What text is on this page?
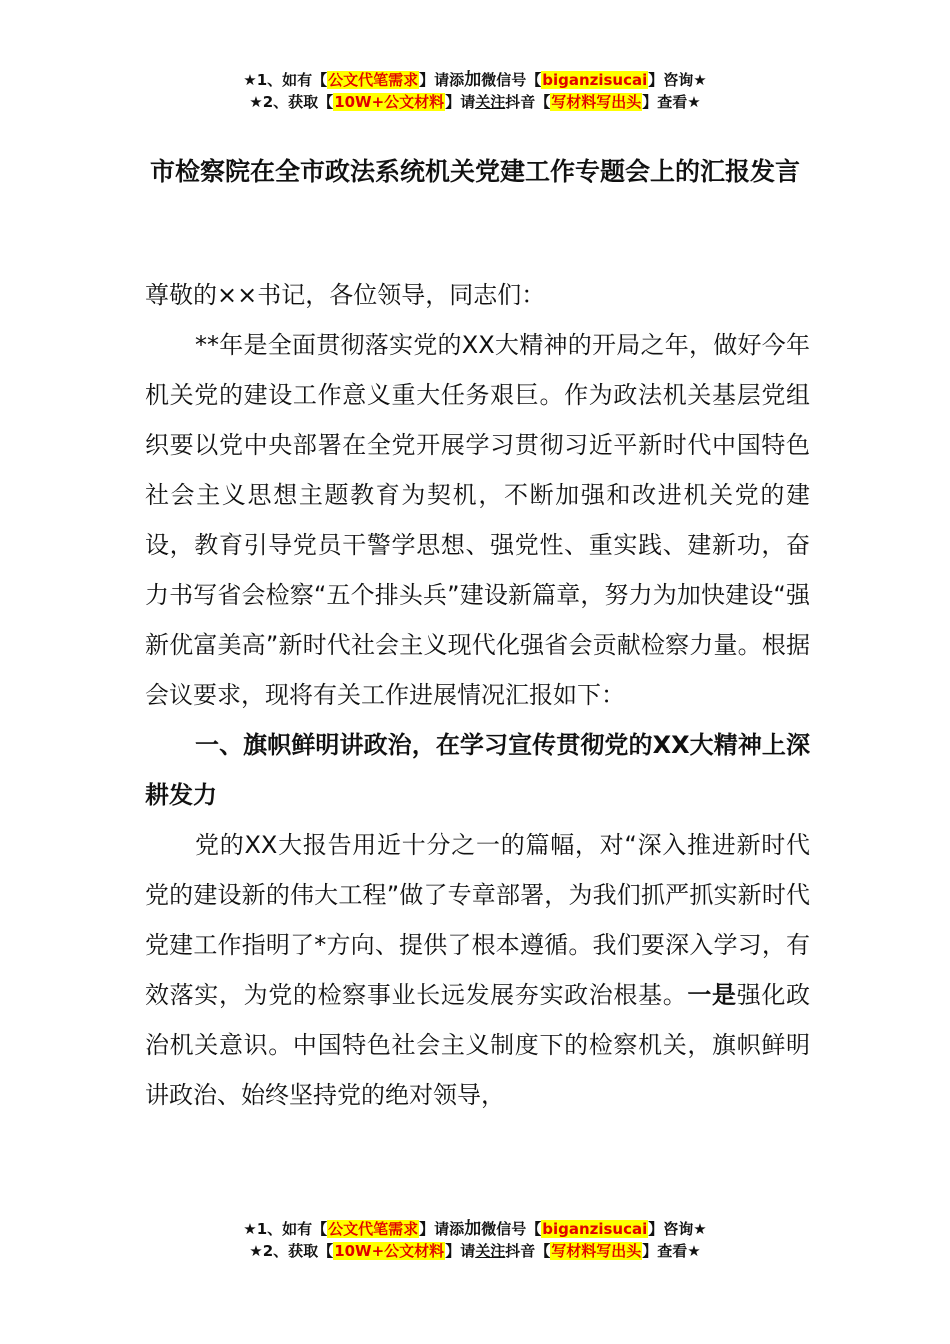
★1、如有【公文代笔需求】请添加微信号【biganzisucai】咨询★
★2、获取【10W+公文材料】请关注抖音【写材料写出头】查看★
市检察院在全市政法系统机关党建工作专题会上的汇报发言

尊敬的××书记，各位领导，同志们：

**年是全面贯彻落实党的XX大精神的开局之年，做好今年机关党的建设工作意义重大任务艰巨。作为政法机关基层党组织要以党中央部署在全党开展学习贯彻习近平新时代中国特色社会主义思想主题教育为契机，不断加强和改进机关党的建设，教育引导党员干警学思想、强党性、重实践、建新功，奋力书写省会检察“五个排头兵”建设新篇章，努力为加快建设“强新优富美高”新时代社会主义现代化强省会贡献检察力量。根据会议要求，现将有关工作进展情况汇报如下：

一、旗帜鲜明讲政治，在学习宣传贯彻党的XX大精神上深耕发力

党的XX大报告用近十分之一的篇幅，对“深入推进新时代党的建设新的伟大工程”做了专章部署，为我们抓严抓实新时代党建工作指明了*方向、提供了根本遵循。我们要深入学习，有效落实，为党的检察事业长远发展夯实政治根基。一是强化政治机关意识。中国特色社会主义制度下的检察机关，旗帜鲜明讲政治、始终坚持党的绝对领导，

★1、如有【公文代笔需求】请添加微信号【biganzisucai】咨询★
★2、获取【10W+公文材料】请关注抖音【写材料写出头】查看★
